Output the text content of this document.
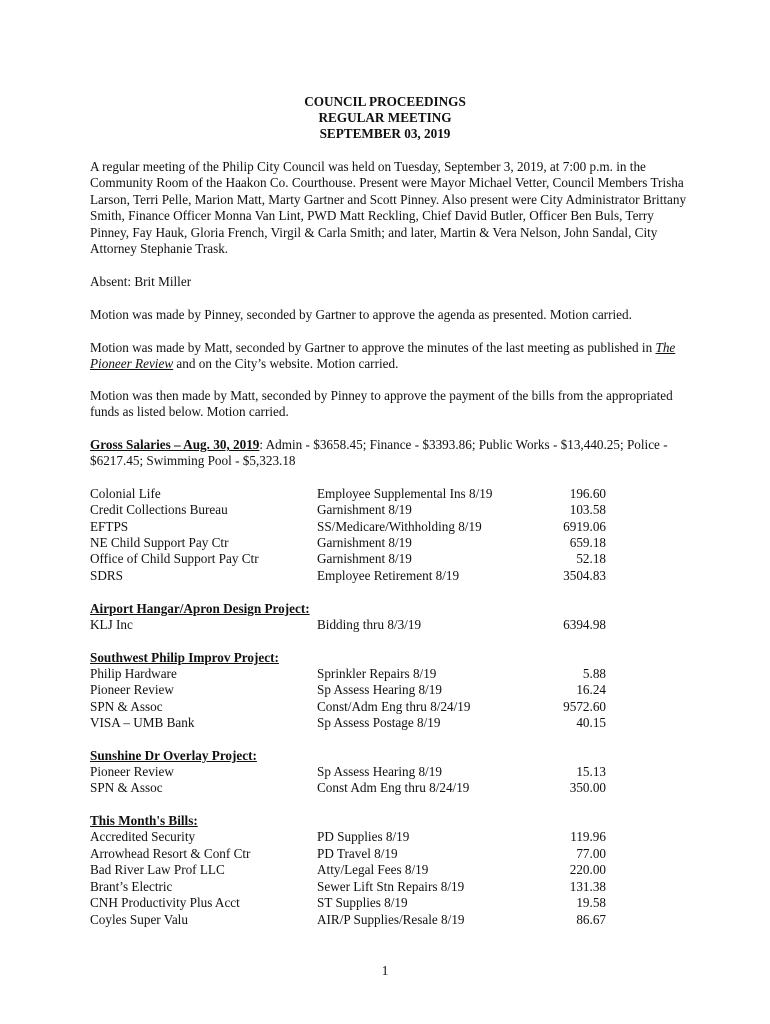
COUNCIL PROCEEDINGS
REGULAR MEETING
SEPTEMBER 03, 2019
A regular meeting of the Philip City Council was held on Tuesday, September 3, 2019, at 7:00 p.m. in the Community Room of the Haakon Co. Courthouse. Present were Mayor Michael Vetter, Council Members Trisha Larson, Terri Pelle, Marion Matt, Marty Gartner and Scott Pinney. Also present were City Administrator Brittany Smith, Finance Officer Monna Van Lint, PWD Matt Reckling, Chief David Butler, Officer Ben Buls, Terry Pinney, Fay Hauk, Gloria French, Virgil & Carla Smith; and later, Martin & Vera Nelson, John Sandal, City Attorney Stephanie Trask.
Absent: Brit Miller
Motion was made by Pinney, seconded by Gartner to approve the agenda as presented. Motion carried.
Motion was made by Matt, seconded by Gartner to approve the minutes of the last meeting as published in The Pioneer Review and on the City’s website. Motion carried.
Motion was then made by Matt, seconded by Pinney to approve the payment of the bills from the appropriated funds as listed below. Motion carried.
Gross Salaries – Aug. 30, 2019: Admin - $3658.45; Finance - $3393.86; Public Works - $13,440.25; Police - $6217.45; Swimming Pool - $5,323.18
Colonial Life	Employee Supplemental Ins 8/19	196.60
Credit Collections Bureau	Garnishment 8/19	103.58
EFTPS	SS/Medicare/Withholding 8/19	6919.06
NE Child Support Pay Ctr	Garnishment 8/19	659.18
Office of Child Support Pay Ctr	Garnishment 8/19	52.18
SDRS	Employee Retirement 8/19	3504.83
Airport Hangar/Apron Design Project:
KLJ Inc	Bidding thru 8/3/19	6394.98
Southwest Philip Improv Project:
Philip Hardware	Sprinkler Repairs 8/19	5.88
Pioneer Review	Sp Assess Hearing 8/19	16.24
SPN & Assoc	Const/Adm Eng thru 8/24/19	9572.60
VISA – UMB Bank	Sp Assess Postage 8/19	40.15
Sunshine Dr Overlay Project:
Pioneer Review	Sp Assess Hearing 8/19	15.13
SPN & Assoc	Const Adm Eng thru 8/24/19	350.00
This Month's Bills:
Accredited Security	PD Supplies 8/19	119.96
Arrowhead Resort & Conf Ctr	PD Travel 8/19	77.00
Bad River Law Prof LLC	Atty/Legal Fees 8/19	220.00
Brant’s Electric	Sewer Lift Stn Repairs 8/19	131.38
CNH Productivity Plus Acct	ST Supplies 8/19	19.58
Coyles Super Valu	AIR/P Supplies/Resale 8/19	86.67
1
